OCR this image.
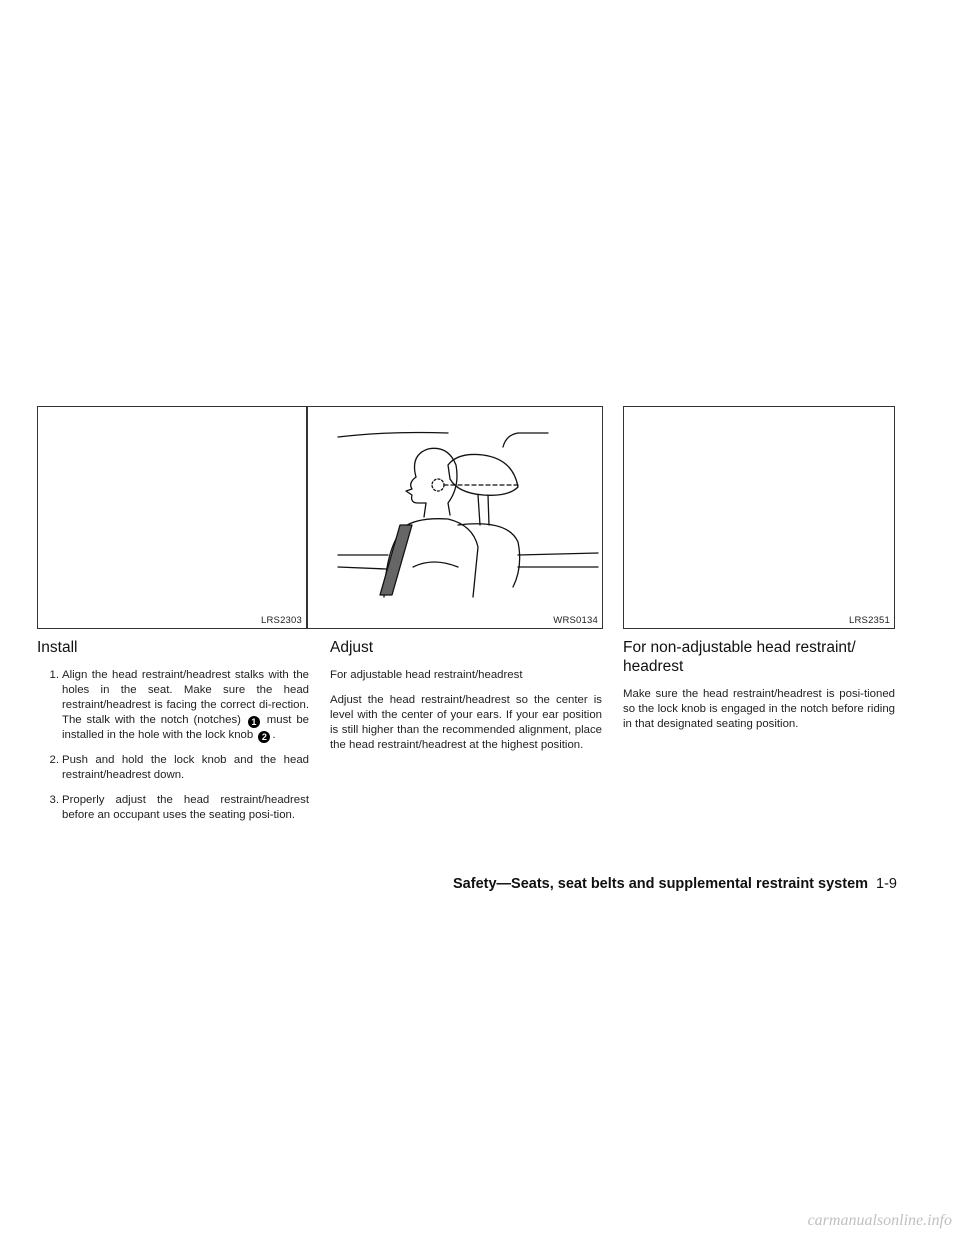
LRS2303	WRS0134	LRS2351
Install
1. Align the head restraint/headrest stalks with the holes in the seat. Make sure the head restraint/headrest is facing the correct di-rection. The stalk with the notch (notches) 1 must be installed in the hole with the lock knob 2 .
2. Push and hold the lock knob and the head restraint/headrest down.
3. Properly adjust the head restraint/headrest before an occupant uses the seating posi-tion.
Adjust

For adjustable head restraint/headrest

Adjust the head restraint/headrest so the center is level with the center of your ears. If your ear position is still higher than the recommended alignment, place the head restraint/headrest at the highest position.

For non-adjustable head restraint/ headrest

Make sure the head restraint/headrest is posi-tioned so the lock knob is engaged in the notch before riding in that designated seating position.

Safety—Seats, seat belts and supplemental restraint system 1-9
carmanualsonline.info
